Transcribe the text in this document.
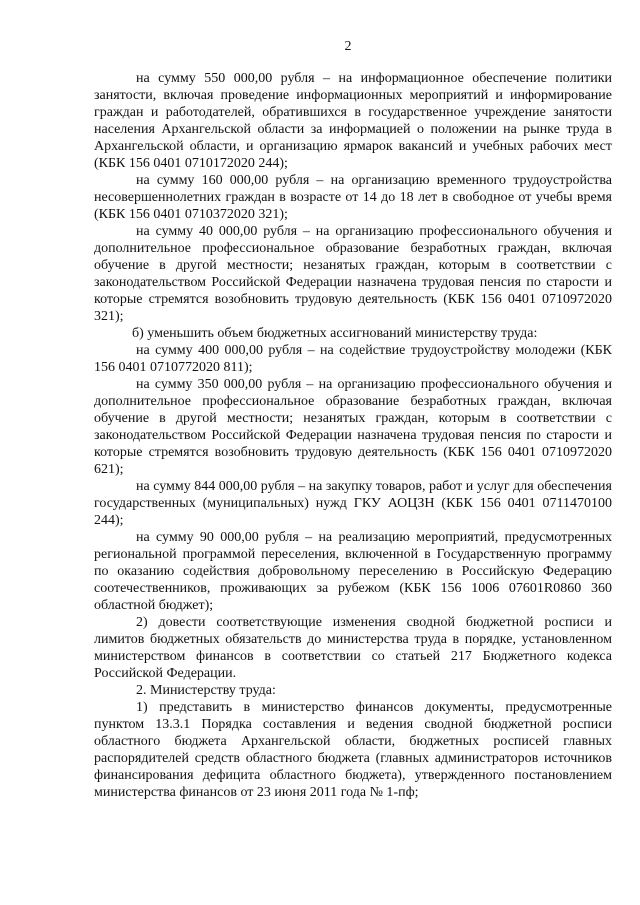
2

на сумму 550 000,00 рубля – на информационное обеспечение политики занятости, включая проведение информационных мероприятий и информирование граждан и работодателей, обратившихся в государственное учреждение занятости населения Архангельской области за информацией о положении на рынке труда в Архангельской области, и организацию ярмарок вакансий и учебных рабочих мест (КБК 156 0401 0710172020 244);

на сумму 160 000,00 рубля – на организацию временного трудоустройства несовершеннолетних граждан в возрасте от 14 до 18 лет в свободное от учебы время (КБК 156 0401 0710372020 321);

на сумму 40 000,00 рубля – на организацию профессионального обучения и дополнительное профессиональное образование безработных граждан, включая обучение в другой местности; незанятых граждан, которым в соответствии с законодательством Российской Федерации назначена трудовая пенсия по старости и которые стремятся возобновить трудовую деятельность (КБК 156 0401 0710972020 321);

б) уменьшить объем бюджетных ассигнований министерству труда:

на сумму 400 000,00 рубля – на содействие трудоустройству молодежи (КБК 156 0401 0710772020 811);

на сумму 350 000,00 рубля – на организацию профессионального обучения и дополнительное профессиональное образование безработных граждан, включая обучение в другой местности; незанятых граждан, которым в соответствии с законодательством Российской Федерации назначена трудовая пенсия по старости и которые стремятся возобновить трудовую деятельность (КБК 156 0401 0710972020 621);

на сумму 844 000,00 рубля – на закупку товаров, работ и услуг для обеспечения государственных (муниципальных) нужд ГКУ АОЦЗН (КБК 156 0401 0711470100 244);

на сумму 90 000,00 рубля – на реализацию мероприятий, предусмотренных региональной программой переселения, включенной в Государственную программу по оказанию содействия добровольному переселению в Российскую Федерацию соотечественников, проживающих за рубежом (КБК 156 1006 07601R0860 360 областной бюджет);

2) довести соответствующие изменения сводной бюджетной росписи и лимитов бюджетных обязательств до министерства труда в порядке, установленном министерством финансов в соответствии со статьей 217 Бюджетного кодекса Российской Федерации.

2. Министерству труда:

1) представить в министерство финансов документы, предусмотренные пунктом 13.3.1 Порядка составления и ведения сводной бюджетной росписи областного бюджета Архангельской области, бюджетных росписей главных распорядителей средств областного бюджета (главных администраторов источников финансирования дефицита областного бюджета), утвержденного постановлением министерства финансов от 23 июня 2011 года № 1-пф;
